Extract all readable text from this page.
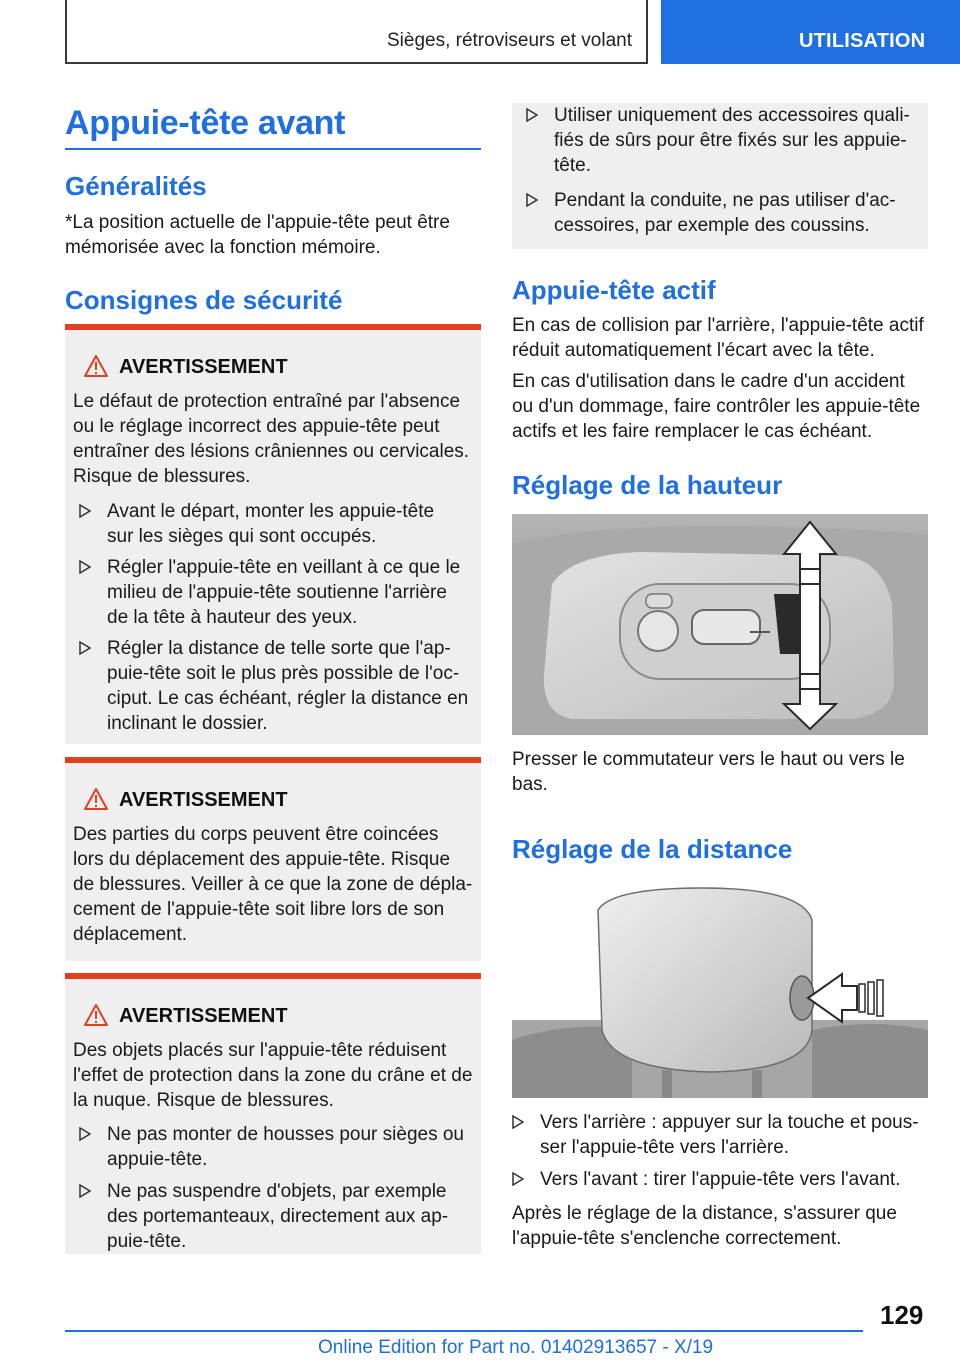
Sièges, rétroviseurs et volant	UTILISATION
Appuie-tête avant
Généralités
*La position actuelle de l'appuie-tête peut être
mémorisée avec la fonction mémoire.
Consignes de sécurité
AVERTISSEMENT
Le défaut de protection entraîné par l'absence
ou le réglage incorrect des appuie-tête peut
entraîner des lésions crâniennes ou cervicales.
Risque de blessures.
Avant le départ, monter les appuie-tête
sur les sièges qui sont occupés.
Régler l'appuie-tête en veillant à ce que le
milieu de l'appuie-tête soutienne l'arrière
de la tête à hauteur des yeux.
Régler la distance de telle sorte que l'ap-
puie-tête soit le plus près possible de l'oc-
ciput. Le cas échéant, régler la distance en
inclinant le dossier.
AVERTISSEMENT
Des parties du corps peuvent être coincées
lors du déplacement des appuie-tête. Risque
de blessures. Veiller à ce que la zone de dépla-
cement de l'appuie-tête soit libre lors de son
déplacement.
AVERTISSEMENT
Des objets placés sur l'appuie-tête réduisent
l'effet de protection dans la zone du crâne et de
la nuque. Risque de blessures.
Ne pas monter de housses pour sièges ou
appuie-tête.
Ne pas suspendre d'objets, par exemple
des portemanteaux, directement aux ap-
puie-tête.
Utiliser uniquement des accessoires quali-
fiés de sûrs pour être fixés sur les appuie-
tête.
Pendant la conduite, ne pas utiliser d'ac-
cessoires, par exemple des coussins.
Appuie-tête actif
En cas de collision par l'arrière, l'appuie-tête actif
réduit automatiquement l'écart avec la tête.
En cas d'utilisation dans le cadre d'un accident
ou d'un dommage, faire contrôler les appuie-tête
actifs et les faire remplacer le cas échéant.
Réglage de la hauteur
Presser le commutateur vers le haut ou vers le
bas.
Réglage de la distance
Vers l'arrière : appuyer sur la touche et pous-
ser l'appuie-tête vers l'arrière.
Vers l'avant : tirer l'appuie-tête vers l'avant.
Après le réglage de la distance, s'assurer que
l'appuie-tête s'enclenche correctement.
129
Online Edition for Part no. 01402913657 - X/19
